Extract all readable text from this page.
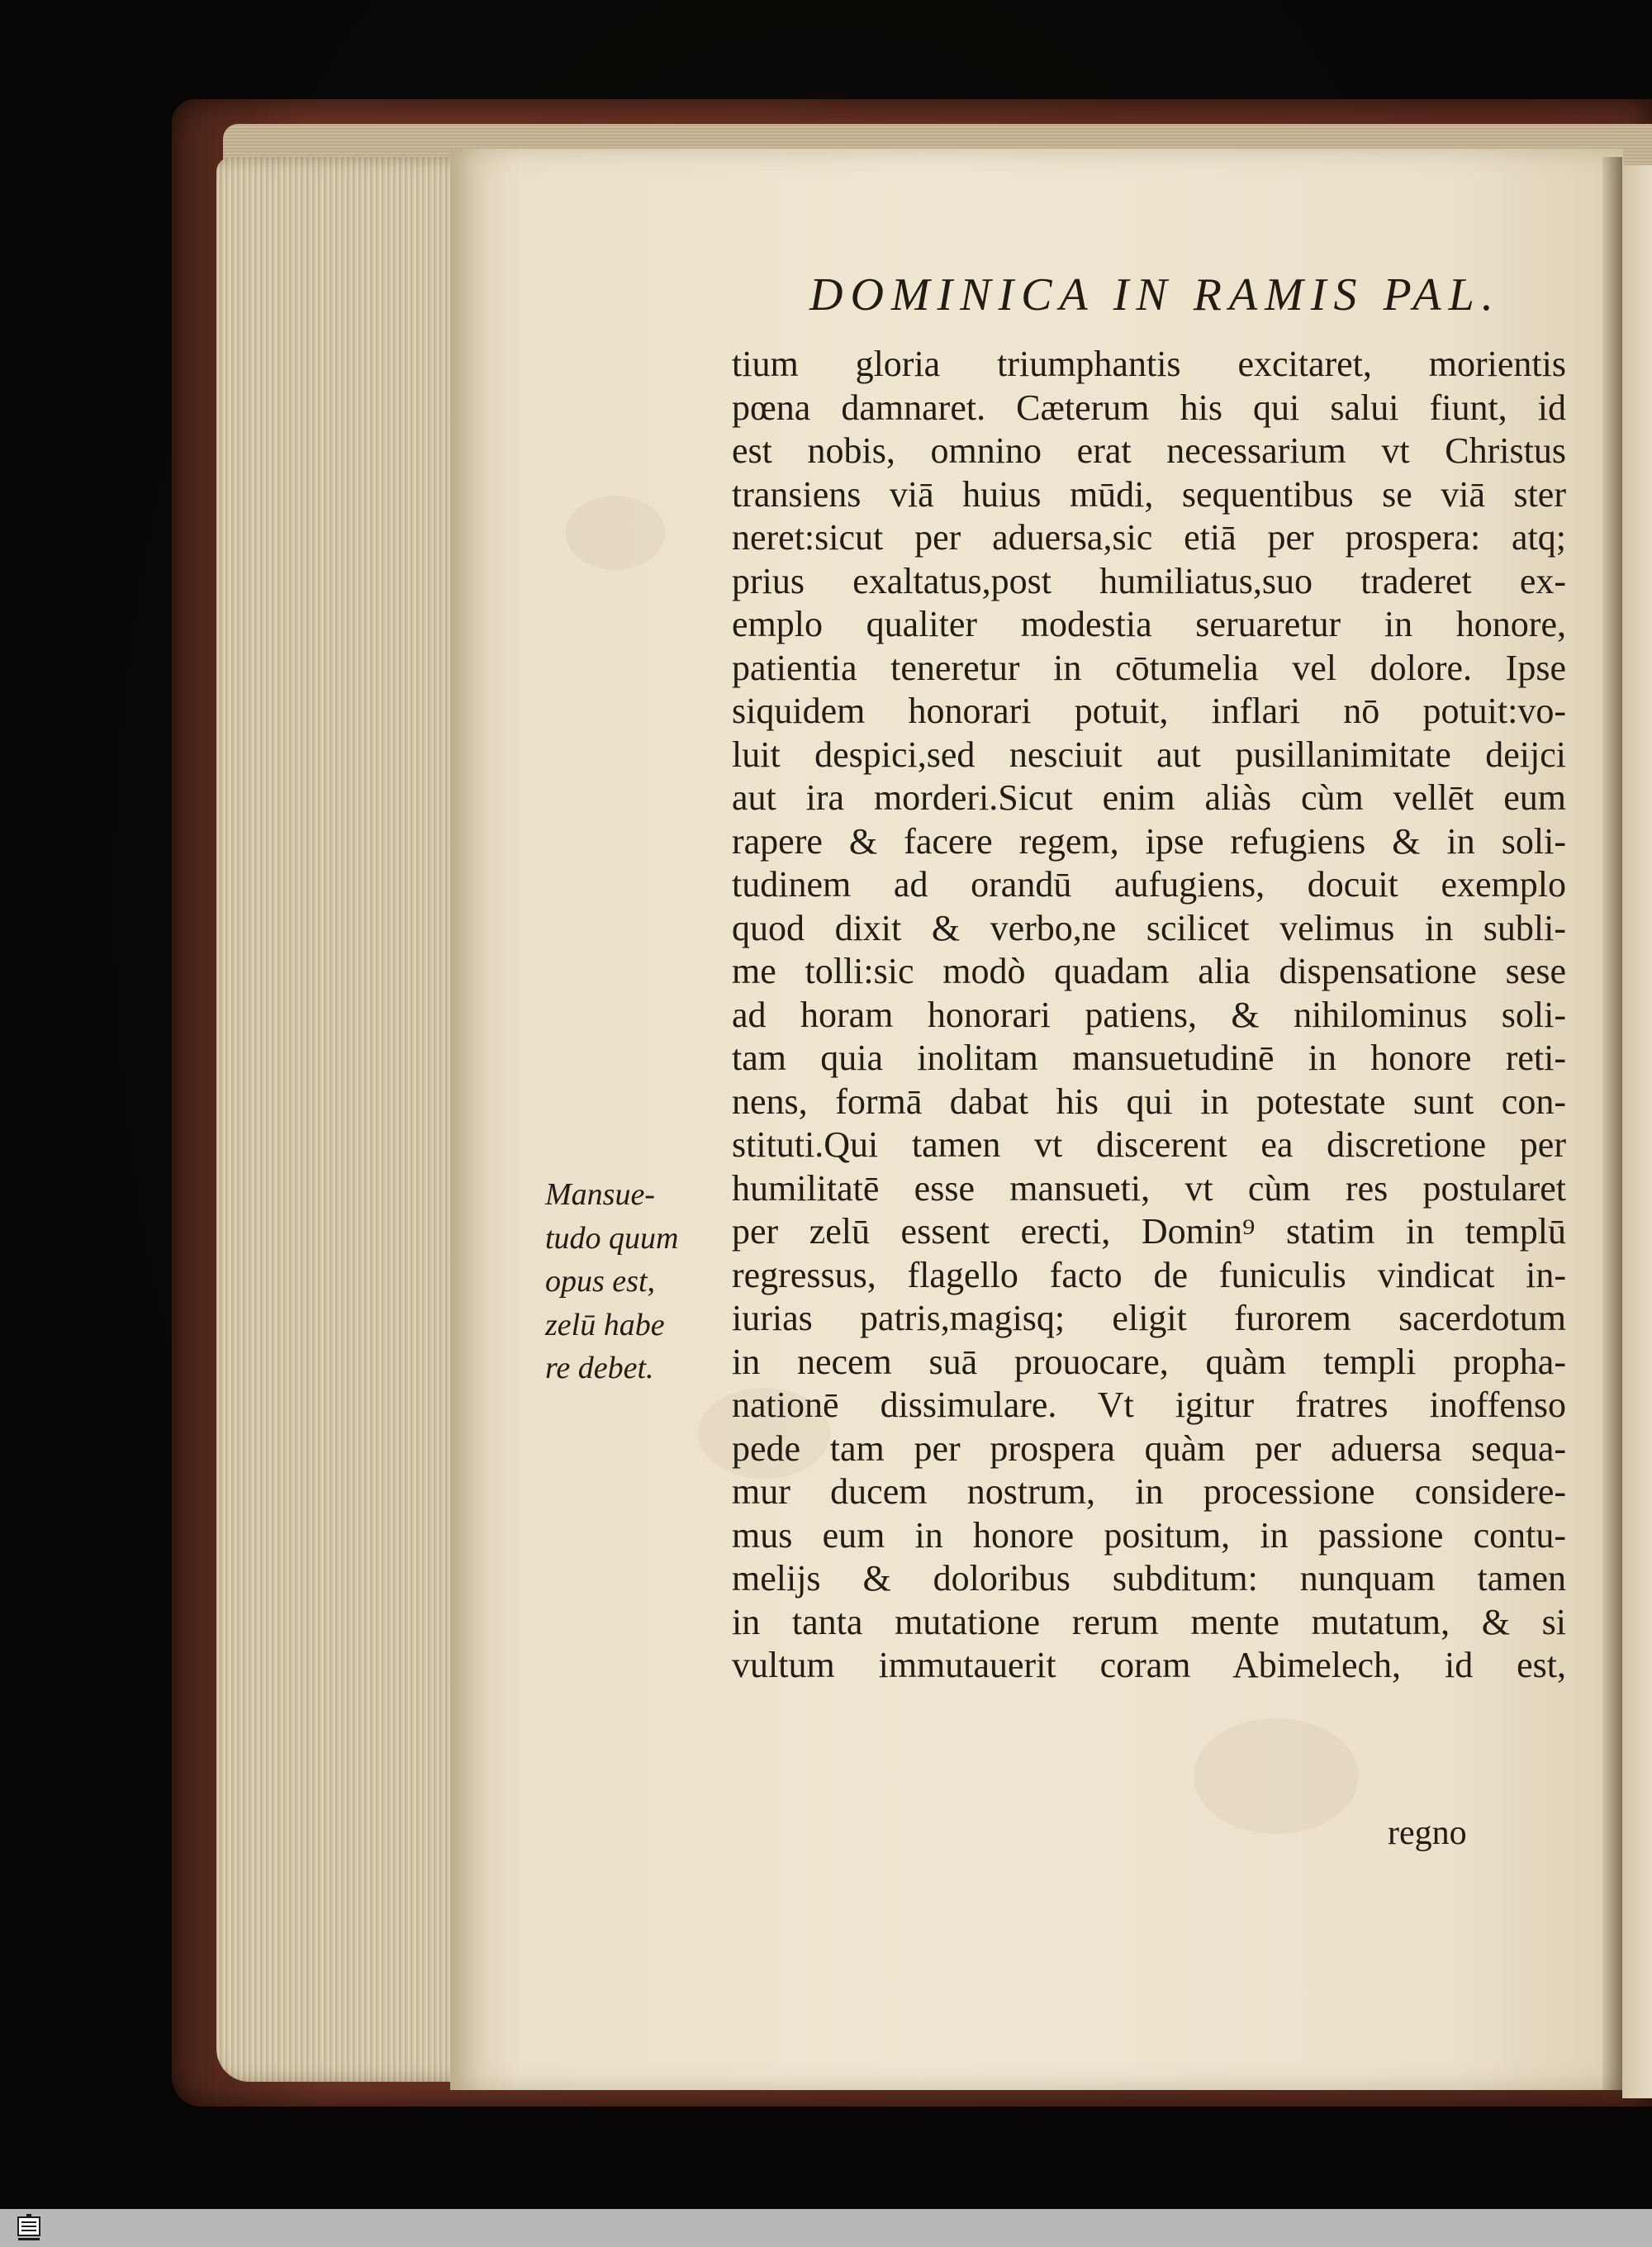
DOMINICA IN RAMIS PAL.
tium gloria triumphantis excitaret, morientis
pœna damnaret. Cæterum his qui salui fiunt, id
est nobis, omnino erat necessarium vt Christus
transiens viā huius mūdi, sequentibus se viā ster
neret:sicut per aduersa,sic etiā per prospera: atq;
prius exaltatus,post humiliatus,suo traderet ex-
emplo qualiter modestia seruaretur in honore,
patientia teneretur in cōtumelia vel dolore. Ipse
siquidem honorari potuit, inflari nō potuit:vo-
luit despici,sed nesciuit aut pusillanimitate deijci
aut ira morderi.Sicut enim aliàs cùm vellēt eum
rapere & facere regem, ipse refugiens & in soli-
tudinem ad orandū aufugiens, docuit exemplo
quod dixit & verbo,ne scilicet velimus in subli-
me tolli:sic modò quadam alia dispensatione sese
ad horam honorari patiens, & nihilominus soli-
tam quia inolitam mansuetudinē in honore reti-
nens, formā dabat his qui in potestate sunt con-
stituti.Qui tamen vt discerent ea discretione per
humilitatē esse mansueti, vt cùm res postularet
per zelū essent erecti, Domin⁹ statim in templū
regressus, flagello facto de funiculis vindicat in-
iurias patris,magisq; eligit furorem sacerdotum
in necem suā prouocare, quàm templi propha-
nationē dissimulare. Vt igitur fratres inoffenso
pede tam per prospera quàm per aduersa sequa-
mur ducem nostrum, in processione considere-
mus eum in honore positum, in passione contu-
melijs & doloribus subditum: nunquam tamen
in tanta mutatione rerum mente mutatum, & si
vultum immutauerit coram Abimelech, id est,
Mansue-
tudo quum
opus est,
zelū habe
re debet.
regno
